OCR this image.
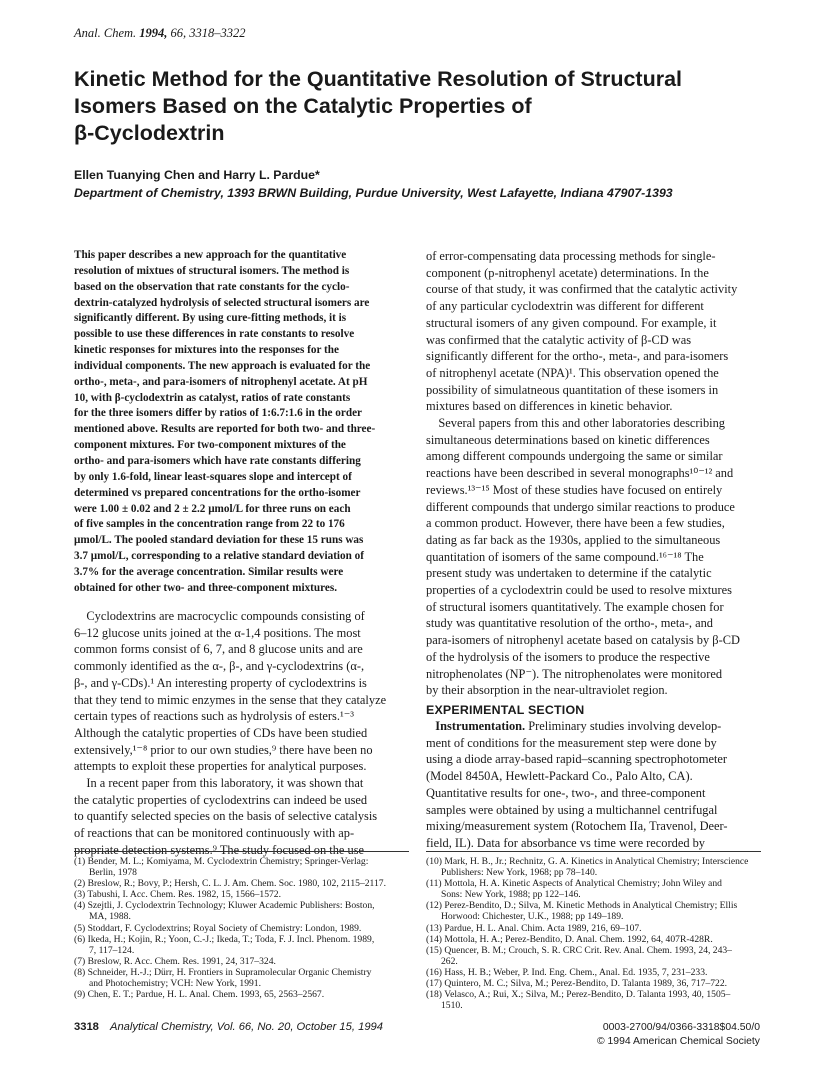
Anal. Chem. 1994, 66, 3318–3322
Kinetic Method for the Quantitative Resolution of Structural
Isomers Based on the Catalytic Properties of
β-Cyclodextrin
Ellen Tuanying Chen and Harry L. Pardue*
Department of Chemistry, 1393 BRWN Building, Purdue University, West Lafayette, Indiana 47907-1393
This paper describes a new approach for the quantitative
resolution of mixtues of structural isomers. The method is
based on the observation that rate constants for the cyclo-
dextrin-catalyzed hydrolysis of selected structural isomers are
significantly different. By using cure-fitting methods, it is
possible to use these differences in rate constants to resolve
kinetic responses for mixtures into the responses for the
individual components. The new approach is evaluated for the
ortho-, meta-, and para-isomers of nitrophenyl acetate. At pH
10, with β-cyclodextrin as catalyst, ratios of rate constants
for the three isomers differ by ratios of 1:6.7:1.6 in the order
mentioned above. Results are reported for both two- and three-
component mixtures. For two-component mixtures of the
ortho- and para-isomers which have rate constants differing
by only 1.6-fold, linear least-squares slope and intercept of
determined vs prepared concentrations for the ortho-isomer
were 1.00 ± 0.02 and 2 ± 2.2 μmol/L for three runs on each
of five samples in the concentration range from 22 to 176
μmol/L. The pooled standard deviation for these 15 runs was
3.7 μmol/L, corresponding to a relative standard deviation of
3.7% for the average concentration. Similar results were
obtained for other two- and three-component mixtures.
Cyclodextrins are macrocyclic compounds consisting of
6–12 glucose units joined at the α-1,4 positions. The most
common forms consist of 6, 7, and 8 glucose units and are
commonly identified as the α-, β-, and γ-cyclodextrins (α-,
β-, and γ-CDs).¹ An interesting property of cyclodextrins is
that they tend to mimic enzymes in the sense that they catalyze
certain types of reactions such as hydrolysis of esters.¹⁻³
Although the catalytic properties of CDs have been studied
extensively,¹⁻⁸ prior to our own studies,⁹ there have been no
attempts to exploit these properties for analytical purposes.
In a recent paper from this laboratory, it was shown that
the catalytic properties of cyclodextrins can indeed be used
to quantify selected species on the basis of selective catalysis
of reactions that can be monitored continuously with ap-
propriate detection systems.⁹ The study focused on the use
of error-compensating data processing methods for single-
component (p-nitrophenyl acetate) determinations. In the
course of that study, it was confirmed that the catalytic activity
of any particular cyclodextrin was different for different
structural isomers of any given compound. For example, it
was confirmed that the catalytic activity of β-CD was
significantly different for the ortho-, meta-, and para-isomers
of nitrophenyl acetate (NPA)¹. This observation opened the
possibility of simulatneous quantitation of these isomers in
mixtures based on differences in kinetic behavior.
Several papers from this and other laboratories describing
simultaneous determinations based on kinetic differences
among different compounds undergoing the same or similar
reactions have been described in several monographs¹⁰⁻¹² and
reviews.¹³⁻¹⁵ Most of these studies have focused on entirely
different compounds that undergo similar reactions to produce
a common product. However, there have been a few studies,
dating as far back as the 1930s, applied to the simultaneous
quantitation of isomers of the same compound.¹⁶⁻¹⁸ The
present study was undertaken to determine if the catalytic
properties of a cyclodextrin could be used to resolve mixtures
of structural isomers quantitatively. The example chosen for
study was quantitative resolution of the ortho-, meta-, and
para-isomers of nitrophenyl acetate based on catalysis by β-CD
of the hydrolysis of the isomers to produce the respective
nitrophenolates (NP⁻). The nitrophenolates were monitored
by their absorption in the near-ultraviolet region.
EXPERIMENTAL SECTION
Instrumentation. Preliminary studies involving develop-
ment of conditions for the measurement step were done by
using a diode array-based rapid–scanning spectrophotometer
(Model 8450A, Hewlett-Packard Co., Palo Alto, CA).
Quantitative results for one-, two-, and three-component
samples were obtained by using a multichannel centrifugal
mixing/measurement system (Rotochem IIa, Travenol, Deer-
field, IL). Data for absorbance vs time were recorded by
(1) Bender, M. L.; Komiyama, M. Cyclodextrin Chemistry; Springer-Verlag:
Berlin, 1978
(2) Breslow, R.; Bovy, P.; Hersh, C. L. J. Am. Chem. Soc. 1980, 102, 2115–2117.
(3) Tabushi, I. Acc. Chem. Res. 1982, 15, 1566–1572.
(4) Szejtli, J. Cyclodextrin Technology; Kluwer Academic Publishers: Boston,
MA, 1988.
(5) Stoddart, F. Cyclodextrins; Royal Society of Chemistry: London, 1989.
(6) Ikeda, H.; Kojin, R.; Yoon, C.-J.; Ikeda, T.; Toda, F. J. Incl. Phenom. 1989,
7, 117–124.
(7) Breslow, R. Acc. Chem. Res. 1991, 24, 317–324.
(8) Schneider, H.-J.; Dürr, H. Frontiers in Supramolecular Organic Chemistry
and Photochemistry; VCH: New York, 1991.
(9) Chen, E. T.; Pardue, H. L. Anal. Chem. 1993, 65, 2563–2567.
(10) Mark, H. B., Jr.; Rechnitz, G. A. Kinetics in Analytical Chemistry; Interscience
Publishers: New York, 1968; pp 78–140.
(11) Mottola, H. A. Kinetic Aspects of Analytical Chemistry; John Wiley and
Sons: New York, 1988; pp 122–146.
(12) Perez-Bendito, D.; Silva, M. Kinetic Methods in Analytical Chemistry; Ellis
Horwood: Chichester, U.K., 1988; pp 149–189.
(13) Pardue, H. L. Anal. Chim. Acta 1989, 216, 69–107.
(14) Mottola, H. A.; Perez-Bendito, D. Anal. Chem. 1992, 64, 407R-428R.
(15) Quencer, B. M.; Crouch, S. R. CRC Crit. Rev. Anal. Chem. 1993, 24, 243–
262.
(16) Hass, H. B.; Weber, P. Ind. Eng. Chem., Anal. Ed. 1935, 7, 231–233.
(17) Quintero, M. C.; Silva, M.; Perez-Bendito, D. Talanta 1989, 36, 717–722.
(18) Velasco, A.; Rui, X.; Silva, M.; Perez-Bendito, D. Talanta 1993, 40, 1505–
1510.
3318 Analytical Chemistry, Vol. 66, No. 20, October 15, 1994	0003-2700/94/0366-3318$04.50/0
© 1994 American Chemical Society
